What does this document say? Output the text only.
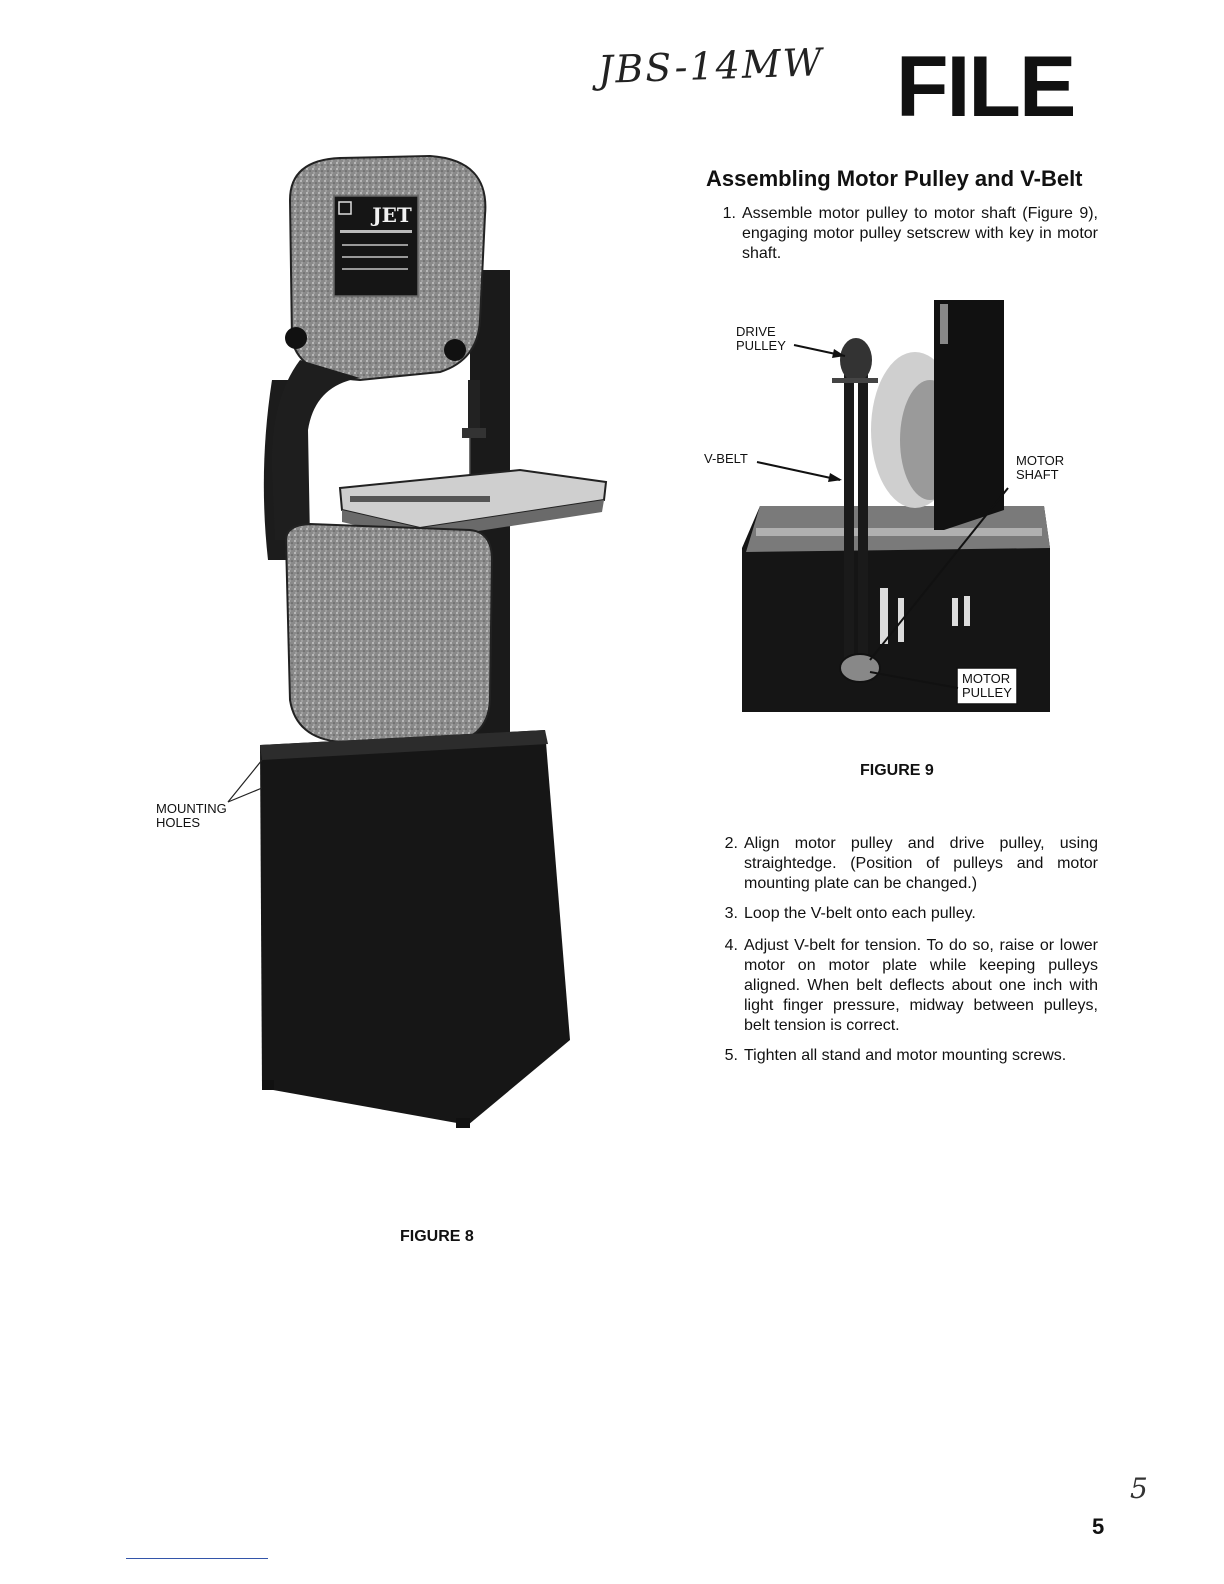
JBS-14MW FILE
JET
MOUNTING
HOLES
FIGURE 8
Assembling Motor Pulley and V-Belt
1. Assemble motor pulley to motor shaft (Figure 9), engaging motor pulley setscrew with key in motor shaft.
DRIVE
PULLEY
V-BELT	MOTOR
SHAFT
MOTOR
PULLEY
FIGURE 9
2. Align motor pulley and drive pulley, using straightedge. (Position of pulleys and motor mounting plate can be changed.)
3. Loop the V-belt onto each pulley.
4. Adjust V-belt for tension. To do so, raise or lower motor on motor plate while keeping pulleys aligned. When belt deflects about one inch with light finger pressure, midway between pulleys, belt tension is correct.
5. Tighten all stand and motor mounting screws.
5
5
